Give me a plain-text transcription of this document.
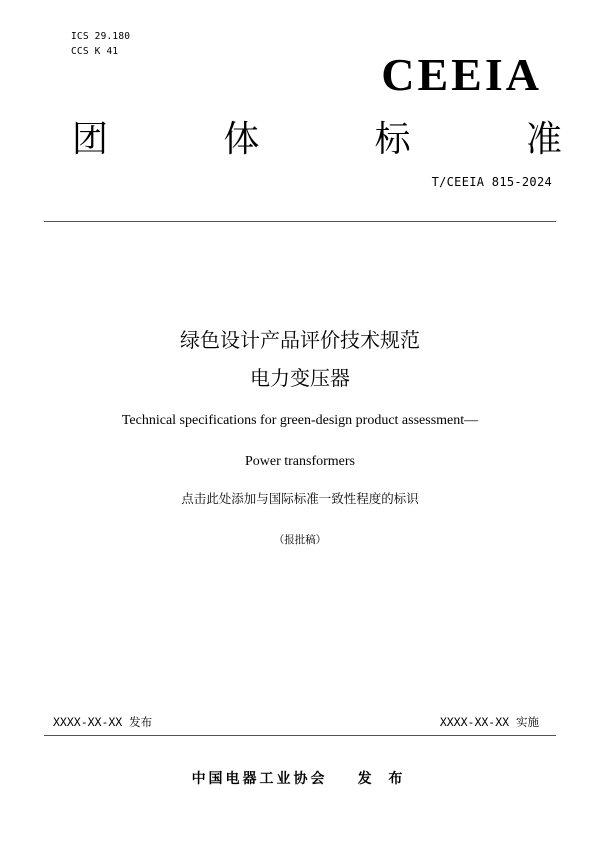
ICS 29.180
CCS K 41	CEEIA
团	体	标	准
T/CEEIA 815-2024
绿色设计产品评价技术规范
电力变压器
Technical specifications for green-design product assessment—
Power transformers
点击此处添加与国际标准一致性程度的标识
（报批稿）
XXXX-XX-XX 发布	XXXX-XX-XX 实施
中国电器工业协会 发 布
